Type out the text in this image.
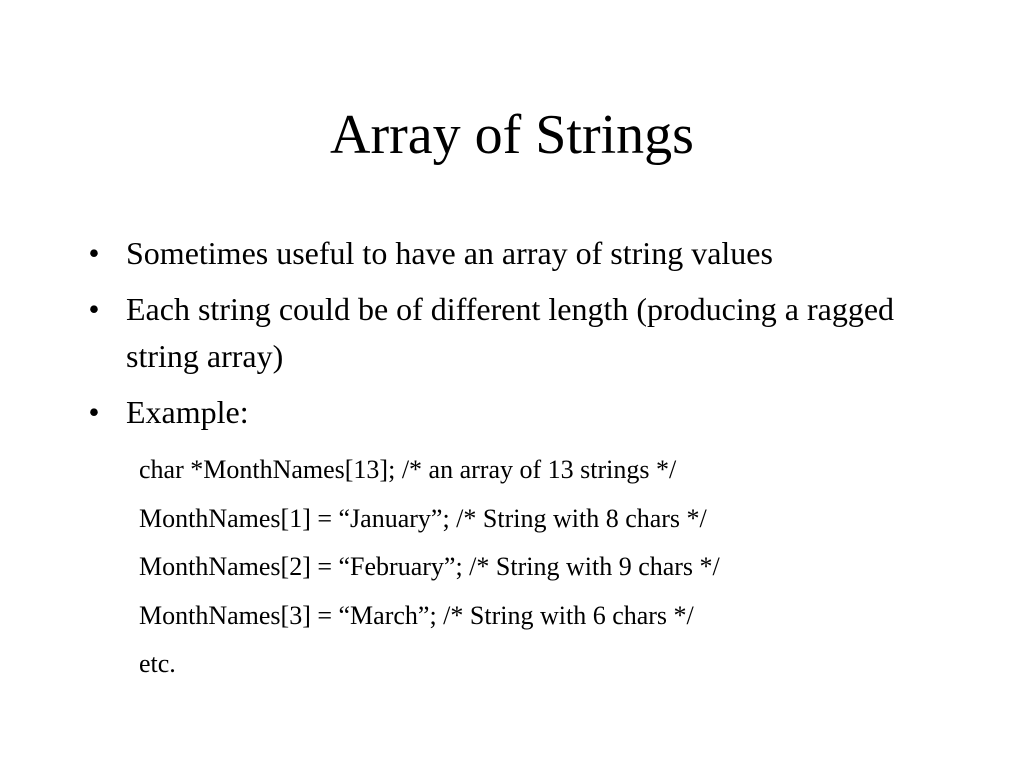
Array of Strings
• Sometimes useful to have an array of string values
• Each string could be of different length (producing a ragged string array)
• Example:
char *MonthNames[13]; /* an array of 13 strings */
MonthNames[1] = “January”; /* String with 8 chars */
MonthNames[2] = “February”; /* String with 9 chars */
MonthNames[3] = “March”; /* String with 6 chars */
etc.
